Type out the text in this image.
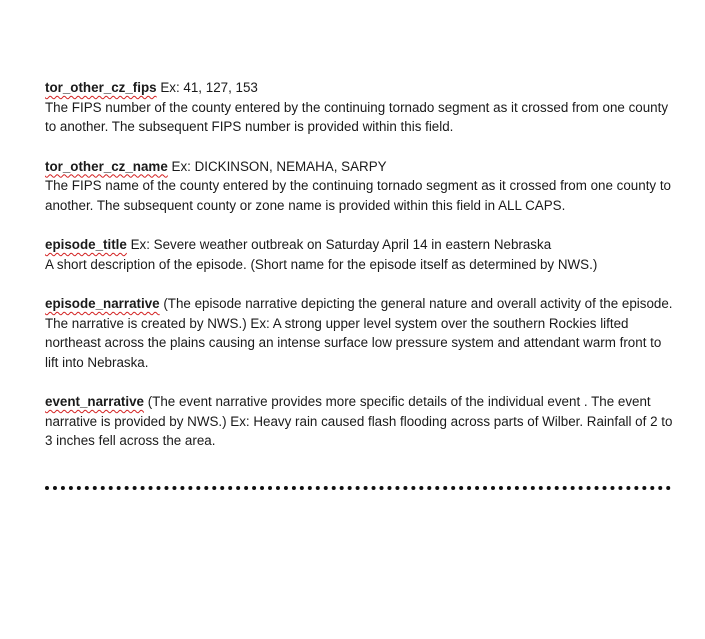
tor_other_cz_fips Ex: 41, 127, 153

The FIPS number of the county entered by the continuing tornado segment as it crossed from one county to another. The subsequent FIPS number is provided within this field.

tor_other_cz_name Ex: DICKINSON, NEMAHA, SARPY

The FIPS name of the county entered by the continuing tornado segment as it crossed from one county to another. The subsequent county or zone name is provided within this field in ALL CAPS.

episode_title Ex: Severe weather outbreak on Saturday April 14 in eastern Nebraska

A short description of the episode. (Short name for the episode itself as determined by NWS.)

episode_narrative (The episode narrative depicting the general nature and overall activity of the episode. The narrative is created by NWS.) Ex: A strong upper level system over the southern Rockies lifted northeast across the plains causing an intense surface low pressure system and attendant warm front to lift into Nebraska.

event_narrative (The event narrative provides more specific details of the individual event . The event narrative is provided by NWS.) Ex: Heavy rain caused flash flooding across parts of Wilber. Rainfall of 2 to 3 inches fell across the area.
